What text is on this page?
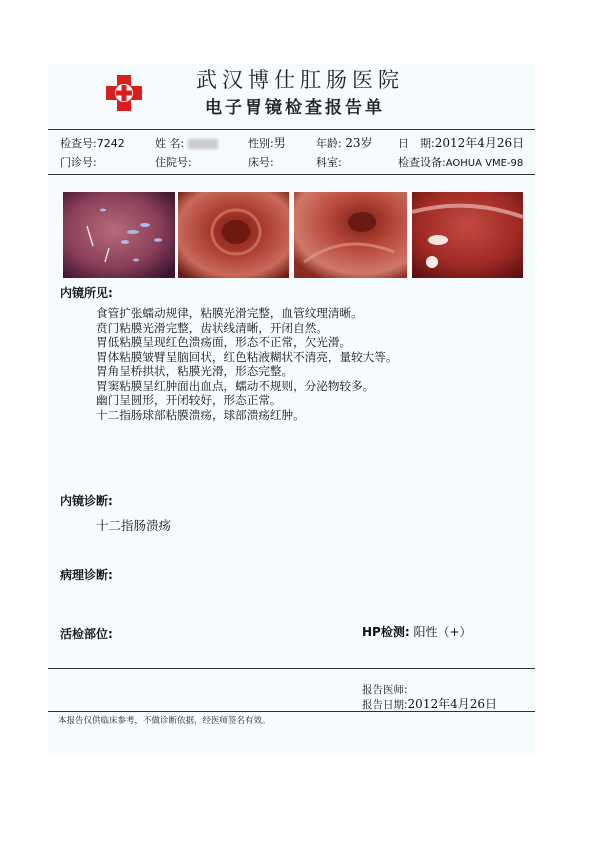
武汉博仕肛肠医院
电子胃镜检查报告单
检查号:7242	姓 名:	性别:男	年龄: 23岁 日　期:2012年4月26日
门诊号:	住院号:	床号:	科室:	检查设备:AOHUA VME-98
内镜所见:
食管扩张蠕动规律，粘膜光滑完整，血管纹理清晰。
贲门粘膜光滑完整，齿状线清晰，开闭自然。
胃低粘膜呈现红色溃疡面，形态不正常，欠光滑。
胃体粘膜皱臂呈脑回状，红色粘液糊状不清亮，量较大等。
胃角呈桥拱状，粘膜光滑，形态完整。
胃窦粘膜呈红肿面出血点，蠕动不规则，分泌物较多。
幽门呈圆形，开闭较好，形态正常。
十二指肠球部粘膜溃疡，球部溃疡红肿。
内镜诊断:
十二指肠溃疡
病理诊断:
活检部位:	HP检测: 阳性（+）
报告医师:
报告日期:2012年4月26日
本报告仅供临床参考，不做诊断依据，经医师签名有效。
